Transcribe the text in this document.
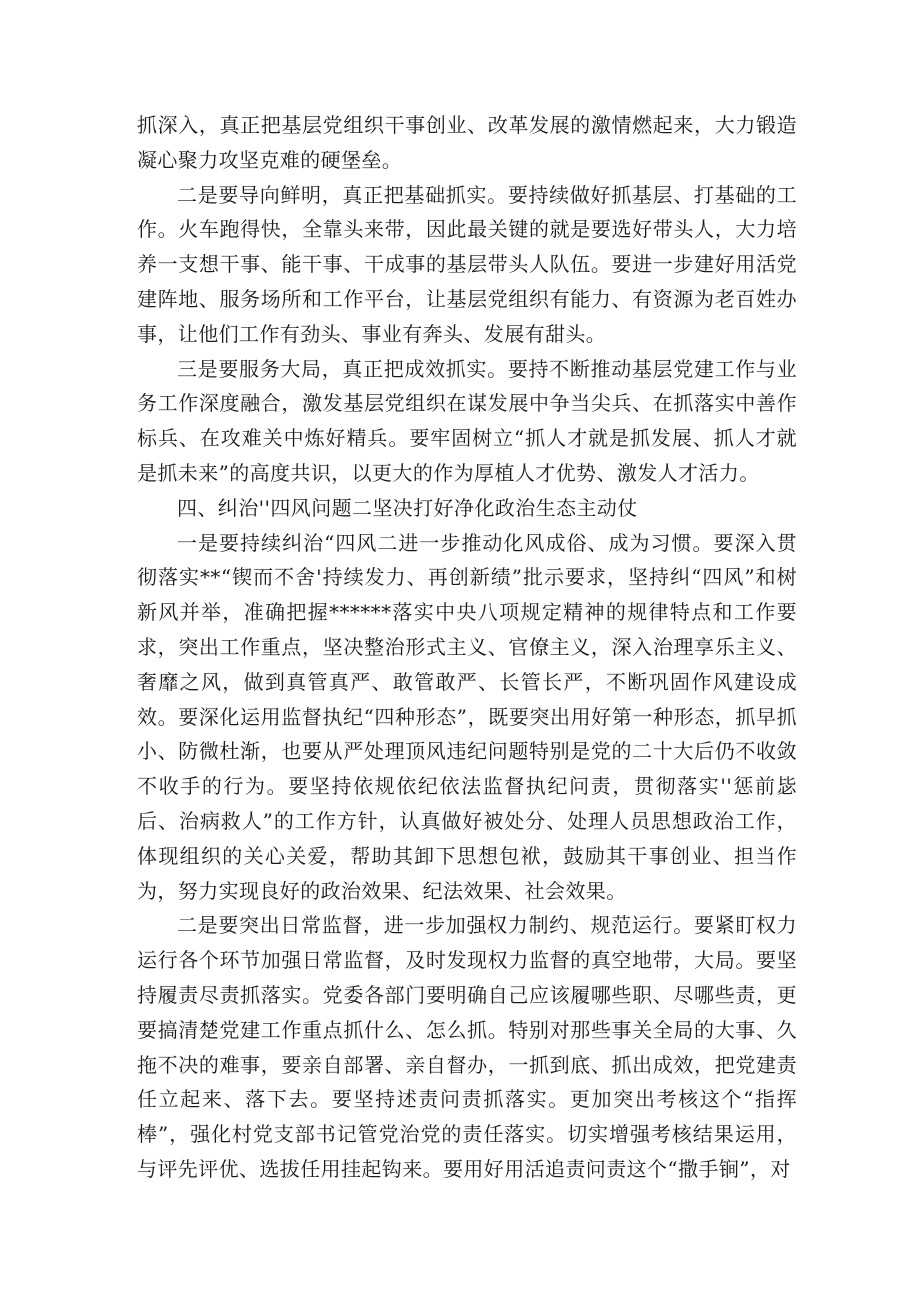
抓深入，真正把基层党组织干事创业、改革发展的激情燃起来，大力锻造凝心聚力攻坚克难的硬堡垒。

二是要导向鲜明，真正把基础抓实。要持续做好抓基层、打基础的工作。火车跑得快，全靠头来带，因此最关键的就是要选好带头人，大力培养一支想干事、能干事、干成事的基层带头人队伍。要进一步建好用活党建阵地、服务场所和工作平台，让基层党组织有能力、有资源为老百姓办事，让他们工作有劲头、事业有奔头、发展有甜头。

三是要服务大局，真正把成效抓实。要持不断推动基层党建工作与业务工作深度融合，激发基层党组织在谋发展中争当尖兵、在抓落实中善作标兵、在攻难关中炼好精兵。要牢固树立“抓人才就是抓发展、抓人才就是抓未来”的高度共识，以更大的作为厚植人才优势、激发人才活力。

四、纠治''四风问题二坚决打好净化政治生态主动仗

一是要持续纠治“四风二进一步推动化风成俗、成为习惯。要深入贯彻落实**“锲而不舍'持续发力、再创新绩”批示要求，坚持纠“四风”和树新风并举，准确把握******落实中央八项规定精神的规律特点和工作要求，突出工作重点，坚决整治形式主义、官僚主义，深入治理享乐主义、奢靡之风，做到真管真严、敢管敢严、长管长严，不断巩固作风建设成效。要深化运用监督执纪“四种形态”，既要突出用好第一种形态，抓早抓小、防微杜渐，也要从严处理顶风违纪问题特别是党的二十大后仍不收敛不收手的行为。要坚持依规依纪依法监督执纪问责，贯彻落实''惩前毖后、治病救人”的工作方针，认真做好被处分、处理人员思想政治工作，体现组织的关心关爱，帮助其卸下思想包袱，鼓励其干事创业、担当作为，努力实现良好的政治效果、纪法效果、社会效果。

二是要突出日常监督，进一步加强权力制约、规范运行。要紧盯权力运行各个环节加强日常监督，及时发现权力监督的真空地带，大局。要坚持履责尽责抓落实。党委各部门要明确自己应该履哪些职、尽哪些责，更要搞清楚党建工作重点抓什么、怎么抓。特别对那些事关全局的大事、久拖不决的难事，要亲自部署、亲自督办，一抓到底、抓出成效，把党建责任立起来、落下去。要坚持述责问责抓落实。更加突出考核这个“指挥棒”，强化村党支部书记管党治党的责任落实。切实增强考核结果运用，与评先评优、选拔任用挂起钩来。要用好用活追责问责这个“撒手锏”，对
